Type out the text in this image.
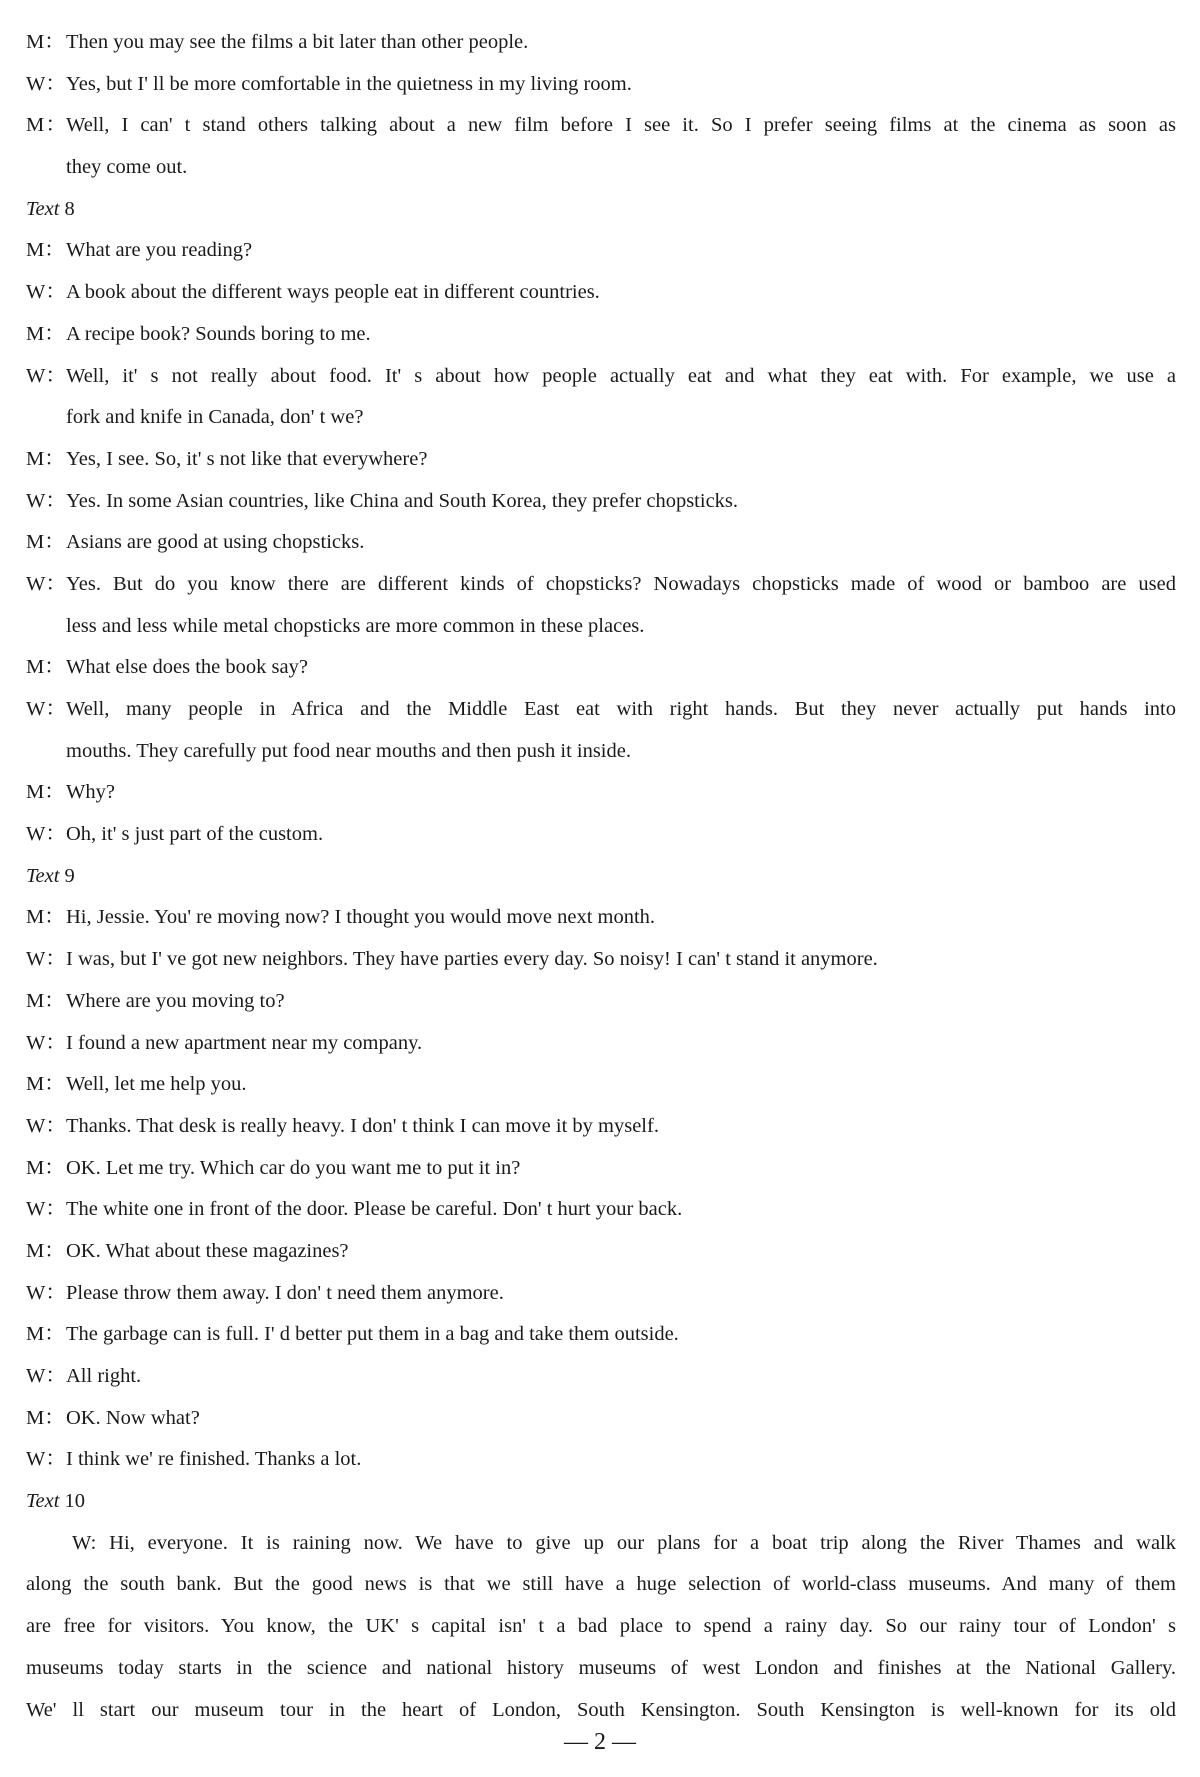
M：Then you may see the films a bit later than other people.
W：Yes, but I' ll be more comfortable in the quietness in my living room.
M：Well, I can' t stand others talking about a new film before I see it. So I prefer seeing films at the cinema as soon as
they come out.
Text 8
M：What are you reading?
W：A book about the different ways people eat in different countries.
M：A recipe book? Sounds boring to me.
W：Well, it' s not really about food. It' s about how people actually eat and what they eat with. For example, we use a
fork and knife in Canada, don' t we?
M：Yes, I see. So, it' s not like that everywhere?
W：Yes. In some Asian countries, like China and South Korea, they prefer chopsticks.
M：Asians are good at using chopsticks.
W：Yes. But do you know there are different kinds of chopsticks? Nowadays chopsticks made of wood or bamboo are used
less and less while metal chopsticks are more common in these places.
M：What else does the book say?
W：Well, many people in Africa and the Middle East eat with right hands. But they never actually put hands into
mouths. They carefully put food near mouths and then push it inside.
M：Why?
W：Oh, it' s just part of the custom.
Text 9
M：Hi, Jessie. You' re moving now? I thought you would move next month.
W：I was, but I' ve got new neighbors. They have parties every day. So noisy! I can' t stand it anymore.
M：Where are you moving to?
W：I found a new apartment near my company.
M：Well, let me help you.
W：Thanks. That desk is really heavy. I don' t think I can move it by myself.
M：OK. Let me try. Which car do you want me to put it in?
W：The white one in front of the door. Please be careful. Don' t hurt your back.
M：OK. What about these magazines?
W：Please throw them away. I don' t need them anymore.
M：The garbage can is full. I' d better put them in a bag and take them outside.
W：All right.
M：OK. Now what?
W：I think we' re finished. Thanks a lot.
Text 10
W: Hi, everyone. It is raining now. We have to give up our plans for a boat trip along the River Thames and walk
along the south bank. But the good news is that we still have a huge selection of world-class museums. And many of them
are free for visitors. You know, the UK' s capital isn' t a bad place to spend a rainy day. So our rainy tour of London' s
museums today starts in the science and national history museums of west London and finishes at the National Gallery.
We' ll start our museum tour in the heart of London, South Kensington. South Kensington is well-known for its old
— 2 —
